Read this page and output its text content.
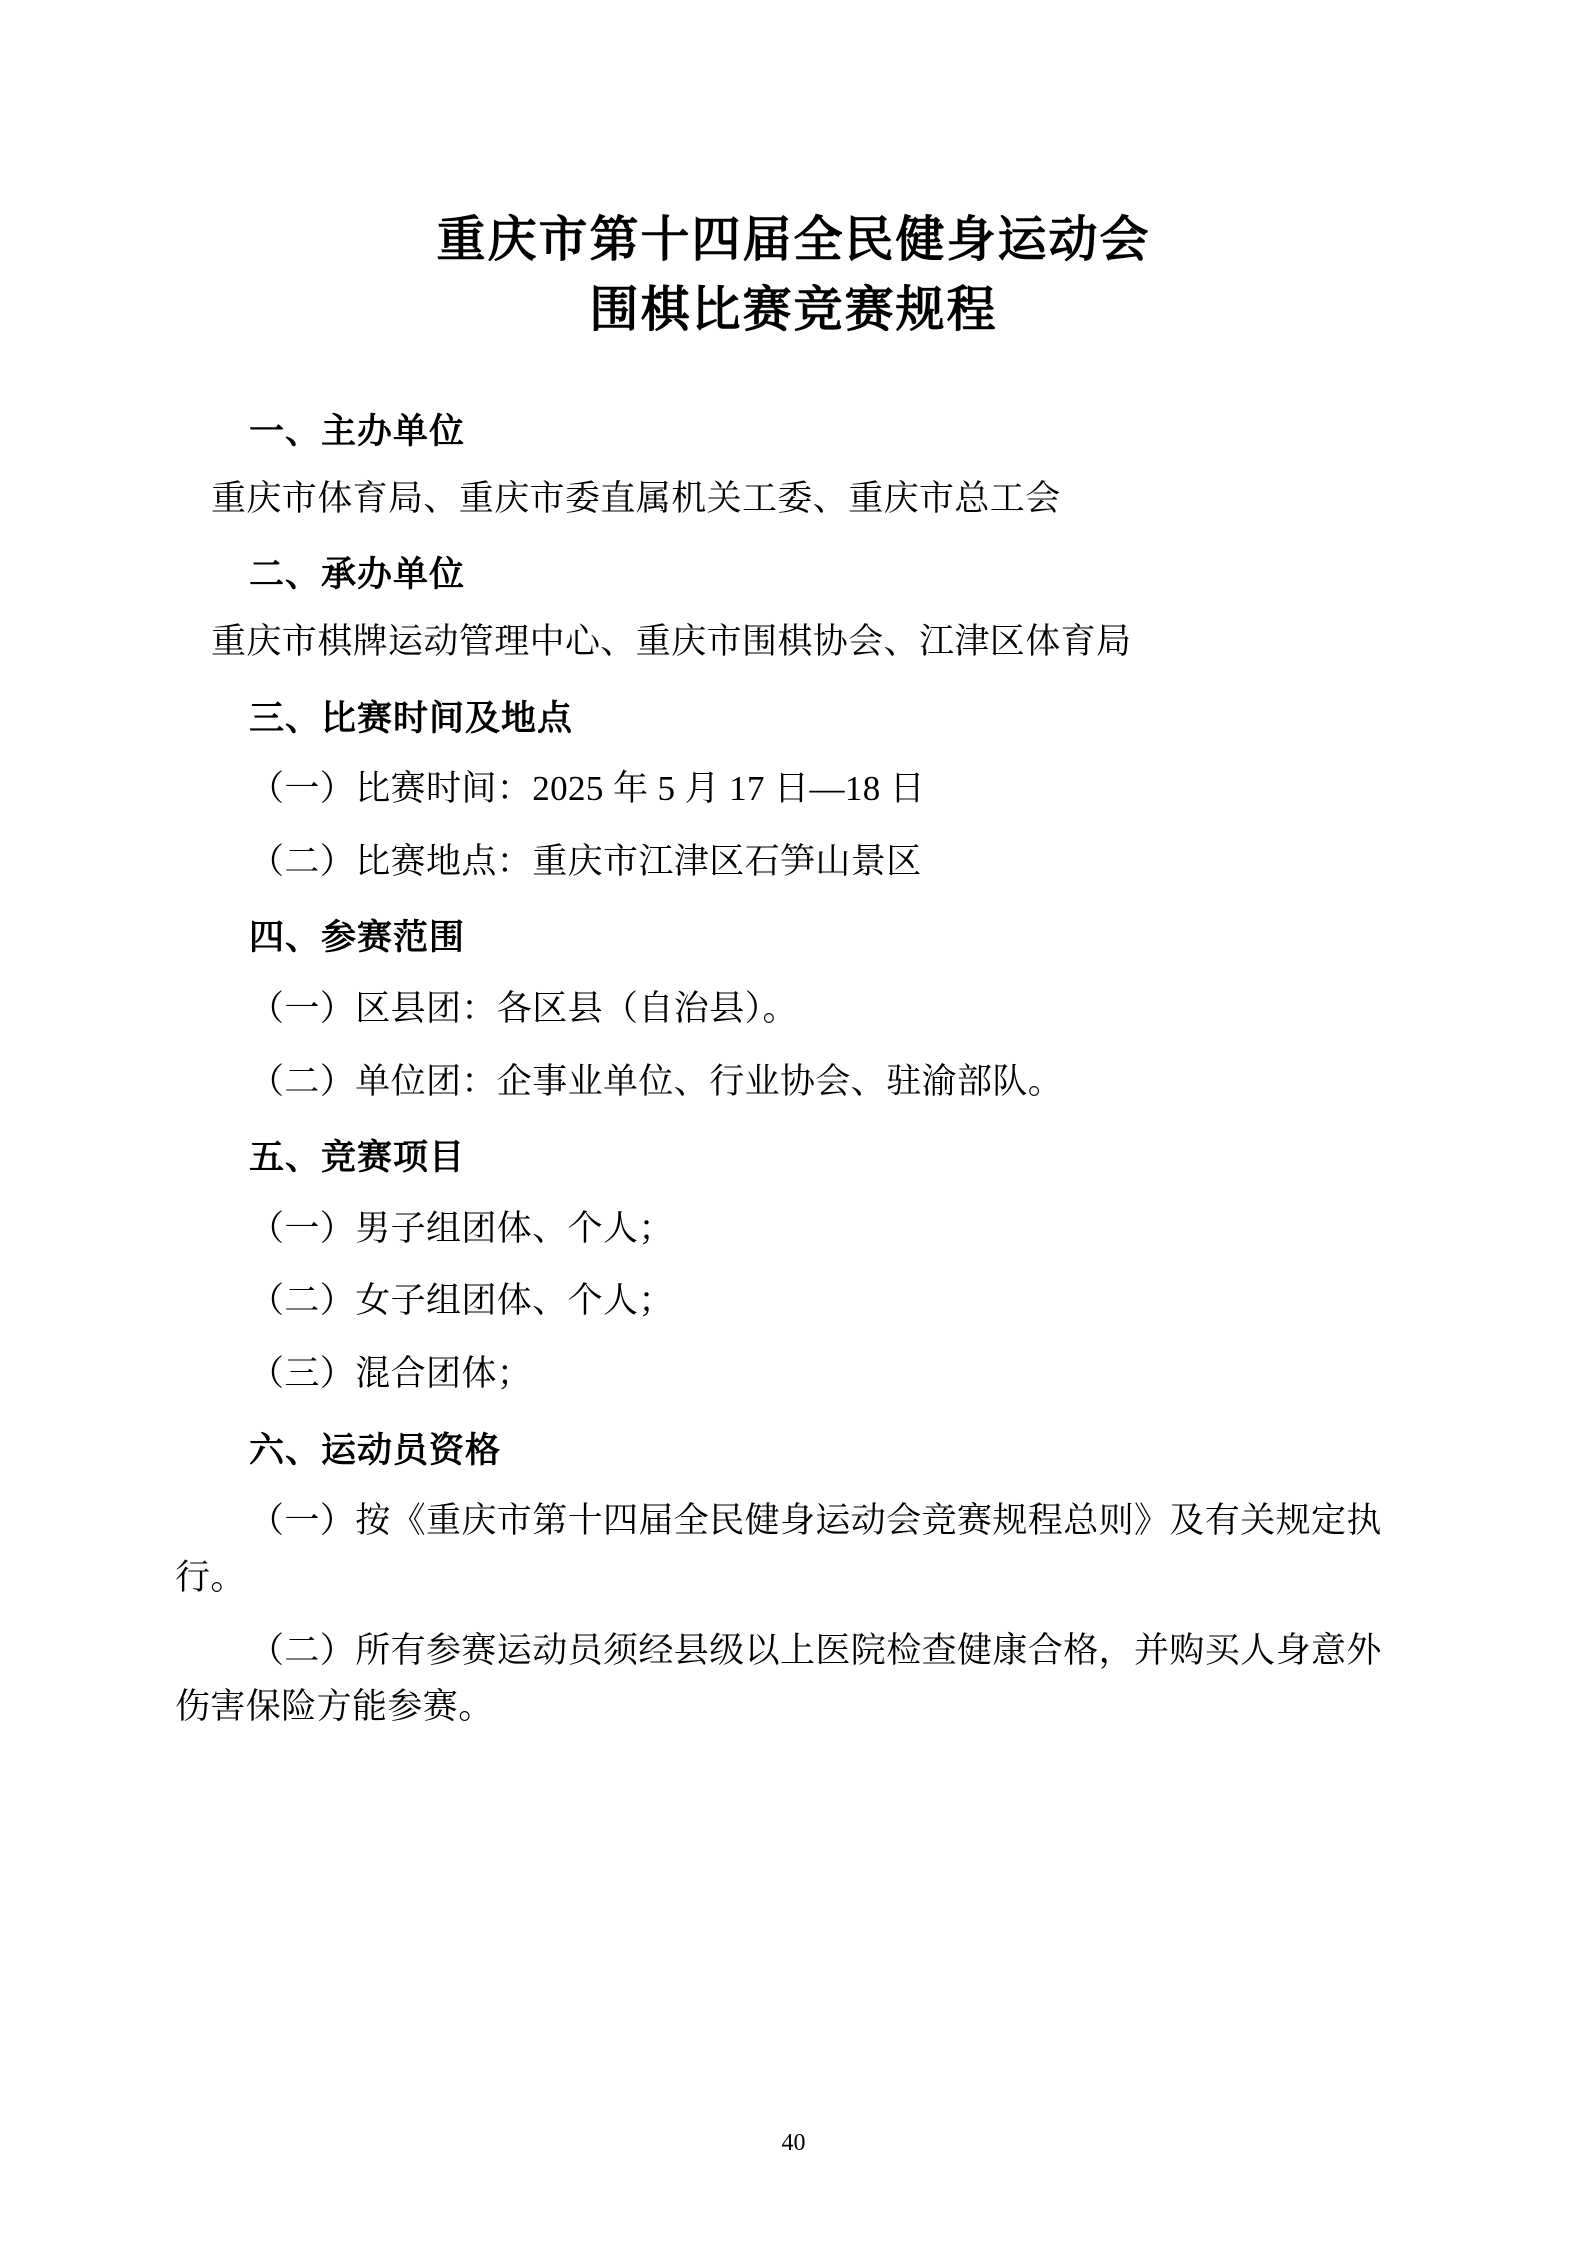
重庆市第十四届全民健身运动会
围棋比赛竞赛规程
一、主办单位
重庆市体育局、重庆市委直属机关工委、重庆市总工会
二、承办单位
重庆市棋牌运动管理中心、重庆市围棋协会、江津区体育局
三、比赛时间及地点
（一）比赛时间：2025 年 5 月 17 日—18 日
（二）比赛地点：重庆市江津区石笋山景区
四、参赛范围
（一）区县团：各区县（自治县）。
（二）单位团：企事业单位、行业协会、驻渝部队。
五、竞赛项目
（一）男子组团体、个人；
（二）女子组团体、个人；
（三）混合团体；
六、运动员资格
（一）按《重庆市第十四届全民健身运动会竞赛规程总则》及有关规定执行。
（二）所有参赛运动员须经县级以上医院检查健康合格，并购买人身意外伤害保险方能参赛。
40
